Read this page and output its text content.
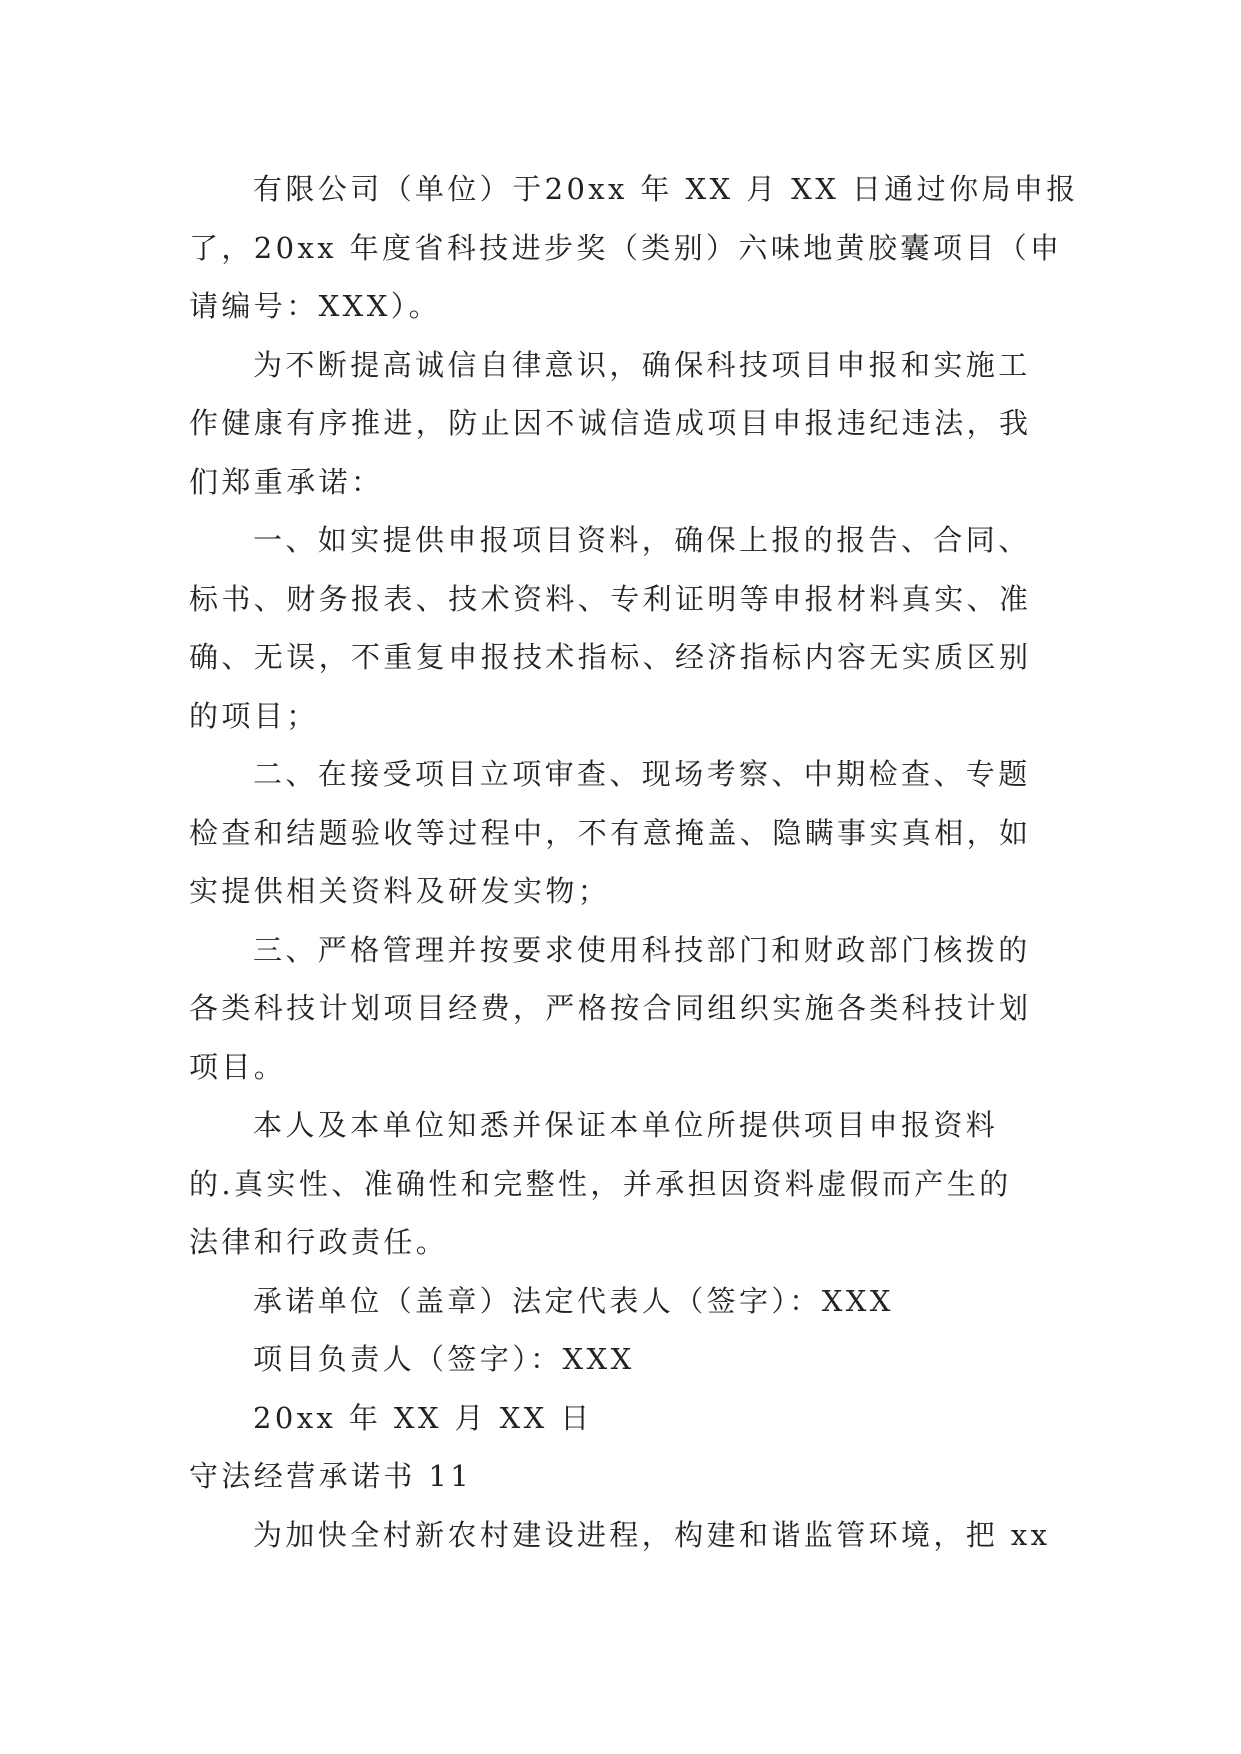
有限公司（单位）于20xx 年 XX 月 XX 日通过你局申报
了，20xx 年度省科技进步奖（类别）六味地黄胶囊项目（申
请编号：XXX）。
为不断提高诚信自律意识，确保科技项目申报和实施工
作健康有序推进，防止因不诚信造成项目申报违纪违法，我
们郑重承诺：
一、如实提供申报项目资料，确保上报的报告、合同、
标书、财务报表、技术资料、专利证明等申报材料真实、准
确、无误，不重复申报技术指标、经济指标内容无实质区别
的项目；
二、在接受项目立项审查、现场考察、中期检查、专题
检查和结题验收等过程中，不有意掩盖、隐瞒事实真相，如
实提供相关资料及研发实物；
三、严格管理并按要求使用科技部门和财政部门核拨的
各类科技计划项目经费，严格按合同组织实施各类科技计划
项目。
本人及本单位知悉并保证本单位所提供项目申报资料
的.真实性、准确性和完整性，并承担因资料虚假而产生的
法律和行政责任。
承诺单位（盖章）法定代表人（签字）：XXX
项目负责人（签字）：XXX
20xx 年 XX 月 XX 日
守法经营承诺书 11
为加快全村新农村建设进程，构建和谐监管环境，把 xx
